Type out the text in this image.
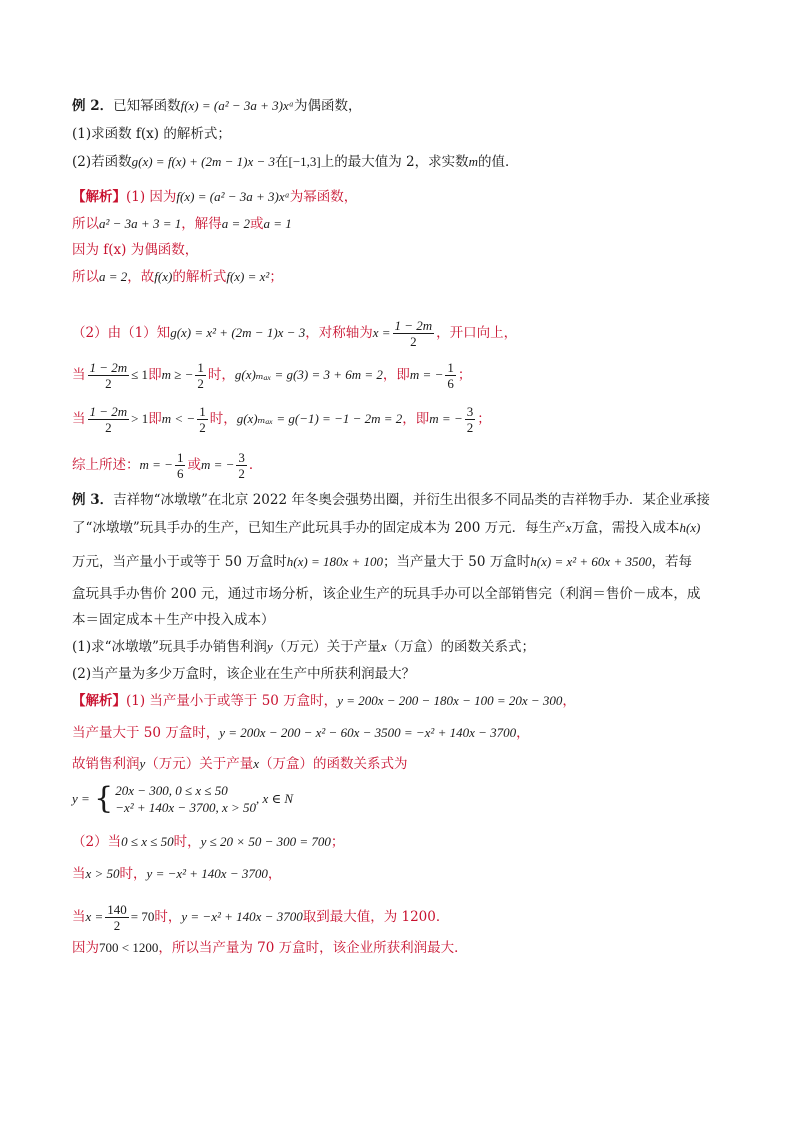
例 2．已知幂函数f(x) = (a² − 3a + 3)xᵃ为偶函数，
(1)求函数 f(x) 的解析式；
(2)若函数g(x) = f(x) + (2m − 1)x − 3在[−1,3]上的最大值为 2，求实数m的值．
【解析】(1) 因为f(x) = (a² − 3a + 3)xᵃ为幂函数，
所以a² − 3a + 3 = 1，解得a = 2或a = 1
因为 f(x) 为偶函数，
所以a = 2，故f(x)的解析式f(x) = x²；
（2）由（1）知g(x) = x² + (2m − 1)x − 3，对称轴为$x = \frac{1 - 2m}{2}$ ，开口向上，
当 $\frac{1 - 2m}{2} \le 1$即m ≥ − $\frac{1}{2}$ 时，g(x)ₘₐₓ = g(3) = 3 + 6m = 2，即m = − $\frac{1}{6}$ ；
当 $\frac{1 - 2m}{2} > 1$即m < − $\frac{1}{2}$ 时，g(x)ₘₐₓ = g(−1) = −1 − 2m = 2，即m = − $\frac{3}{2}$ ；
综上所述：m = − $\frac{1}{6}$ 或m = − $\frac{3}{2}$ ．
例 3．吉祥物“冰墩墩”在北京 2022 年冬奥会强势出圈，并衍生出很多不同品类的吉祥物手办．某企业承接
了“冰墩墩”玩具手办的生产，已知生产此玩具手办的固定成本为 200 万元．每生产x万盒，需投入成本h(x)
万元，当产量小于或等于 50 万盒时h(x) = 180x + 100；当产量大于 50 万盒时h(x) = x² + 60x + 3500，若每
盒玩具手办售价 200 元，通过市场分析，该企业生产的玩具手办可以全部销售完（利润＝售价－成本，成
本＝固定成本＋生产中投入成本）
(1)求“冰墩墩”玩具手办销售利润y（万元）关于产量x（万盒）的函数关系式；
(2)当产量为多少万盒时，该企业在生产中所获利润最大？
【解析】(1) 当产量小于或等于 50 万盒时，y = 200x − 200 − 180x − 100 = 20x − 300，
当产量大于 50 万盒时，y = 200x − 200 − x² − 60x − 3500 = −x² + 140x − 3700，
故销售利润y（万元）关于产量x（万盒）的函数关系式为
y = { 20x − 300, 0 ≤ x ≤ 50
−x² + 140x − 3700, x > 50
, x ∈ N
（2）当0 ≤ x ≤ 50时，y ≤ 20 × 50 − 300 = 700；
当x > 50时，y = −x² + 140x − 3700，
当$x = \frac{140}{2} = 70$时，y = −x² + 140x − 3700取到最大值，为 1200．
因为700 < 1200，所以当产量为 70 万盒时，该企业所获利润最大．
